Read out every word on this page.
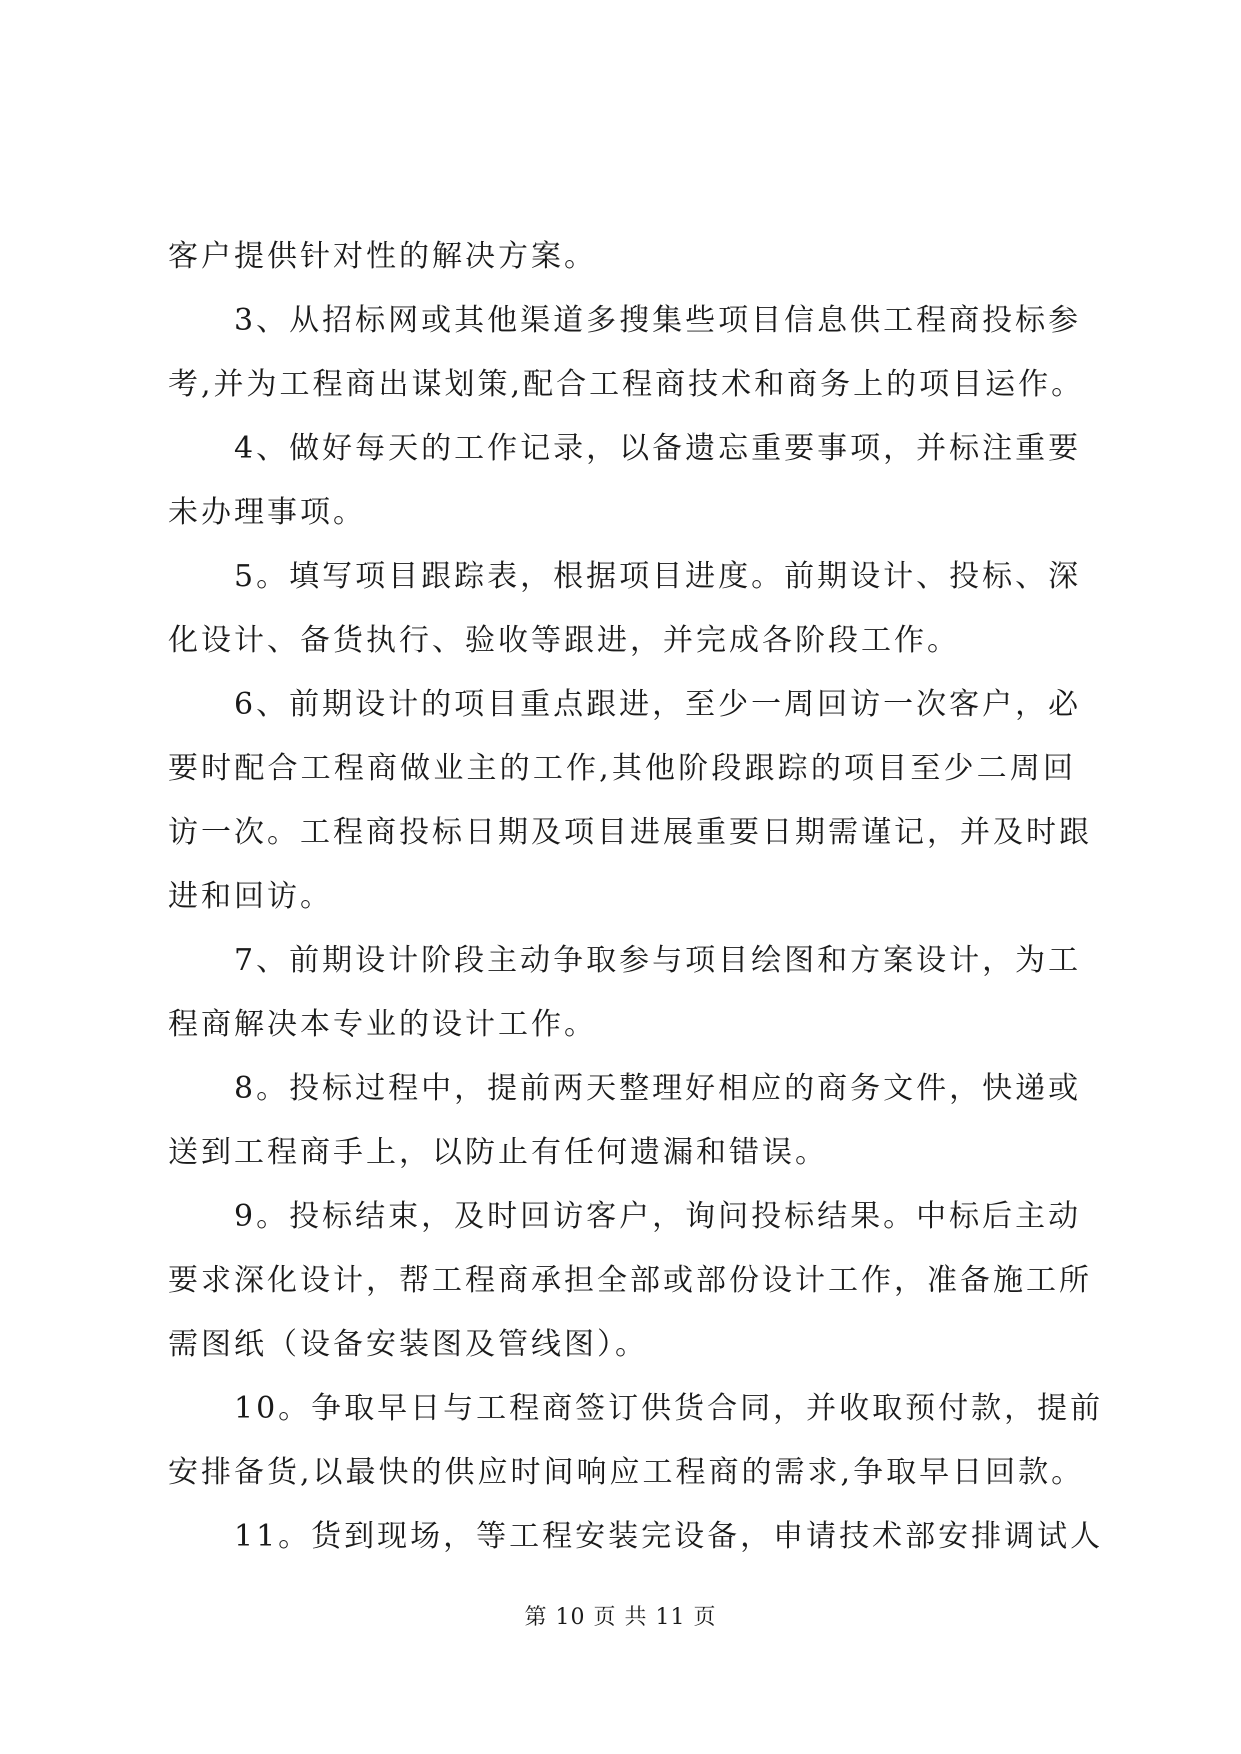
客户提供针对性的解决方案。
3、从招标网或其他渠道多搜集些项目信息供工程商投标参
考,并为工程商出谋划策,配合工程商技术和商务上的项目运作。
4、做好每天的工作记录，以备遗忘重要事项，并标注重要
未办理事项。
5。填写项目跟踪表，根据项目进度。前期设计、投标、深
化设计、备货执行、验收等跟进，并完成各阶段工作。
6、前期设计的项目重点跟进，至少一周回访一次客户，必
要时配合工程商做业主的工作,其他阶段跟踪的项目至少二周回
访一次。工程商投标日期及项目进展重要日期需谨记，并及时跟
进和回访。
7、前期设计阶段主动争取参与项目绘图和方案设计，为工
程商解决本专业的设计工作。
8。投标过程中，提前两天整理好相应的商务文件，快递或
送到工程商手上，以防止有任何遗漏和错误。
9。投标结束，及时回访客户，询问投标结果。中标后主动
要求深化设计，帮工程商承担全部或部份设计工作，准备施工所
需图纸（设备安装图及管线图）。
10。争取早日与工程商签订供货合同，并收取预付款，提前
安排备货,以最快的供应时间响应工程商的需求,争取早日回款。
11。货到现场，等工程安装完设备，申请技术部安排调试人
第 10 页 共 11 页
